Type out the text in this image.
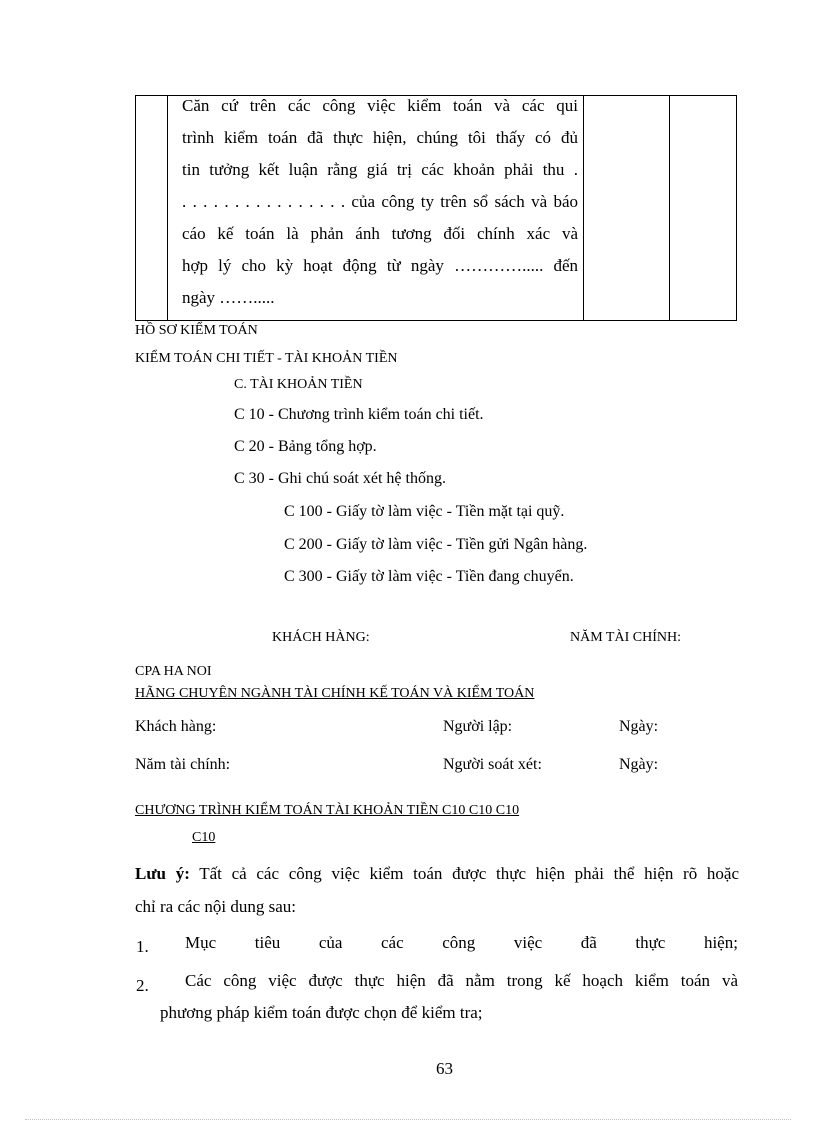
Căn cứ trên các công việc kiểm toán và các qui
trình kiểm toán đã thực hiện, chúng tôi thấy có đủ
tin tưởng kết luận rằng giá trị các khoản phải thu .
. . . . . . . . . . . . . . . . của công ty trên sổ sách và báo
cáo kế toán là phản ánh tương đối chính xác và
hợp lý cho kỳ hoạt động từ ngày …………..... đến
ngày …….....
HỒ SƠ KIỂM TOÁN
KIỂM TOÁN CHI TIẾT - TÀI KHOẢN TIỀN
C. TÀI KHOẢN TIỀN
C 10 - Chương trình kiểm toán chi tiết.
C 20 - Bảng tổng hợp.
C 30 - Ghi chú soát xét hệ thống.
C 100 - Giấy tờ làm việc - Tiền mặt tại quỹ.
C 200 - Giấy tờ làm việc - Tiền gửi Ngân hàng.
C 300 - Giấy tờ làm việc - Tiền đang chuyển.
KHÁCH HÀNG:	NĂM TÀI CHÍNH:
CPA HA NOI
HÃNG CHUYÊN NGÀNH TÀI CHÍNH KẾ TOÁN VÀ KIỂM TOÁN
Khách hàng:	Người lập:	Ngày:
Năm tài chính:	Người soát xét:	Ngày:
CHƯƠNG TRÌNH KIỂM TOÁN TÀI KHOẢN TIỀN C10 C10 C10
C10
Lưu ý: Tất cả các công việc kiểm toán được thực hiện phải thể hiện rõ hoặc
chỉ ra các nội dung sau:
1. Mục tiêu của các công việc đã thực hiện;
2. Các công việc được thực hiện đã nằm trong kế hoạch kiểm toán và
phương pháp kiểm toán được chọn để kiểm tra;
63
